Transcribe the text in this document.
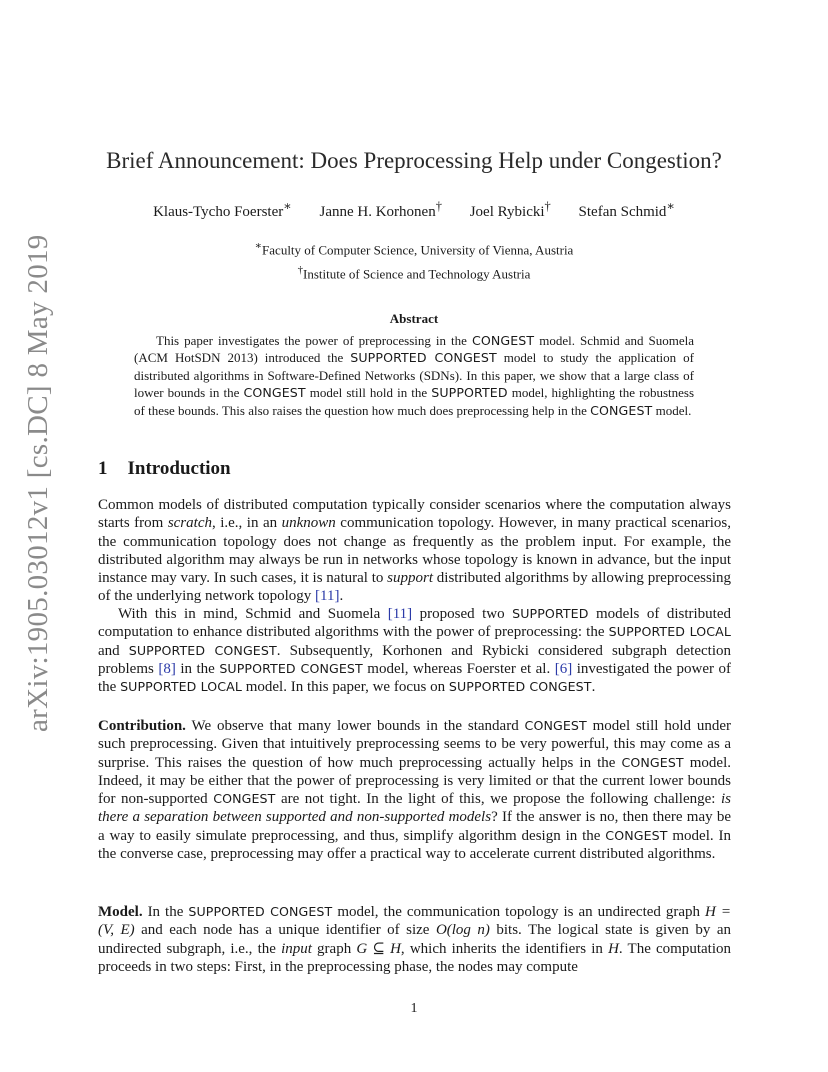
arXiv:1905.03012v1 [cs.DC] 8 May 2019
Brief Announcement: Does Preprocessing Help under Congestion?
Klaus-Tycho Foerster∗ Janne H. Korhonen† Joel Rybicki† Stefan Schmid∗
∗Faculty of Computer Science, University of Vienna, Austria
†Institute of Science and Technology Austria
Abstract
This paper investigates the power of preprocessing in the CONGEST model. Schmid and Suomela (ACM HotSDN 2013) introduced the SUPPORTED CONGEST model to study the application of distributed algorithms in Software-Defined Networks (SDNs). In this paper, we show that a large class of lower bounds in the CONGEST model still hold in the SUPPORTED model, highlighting the robustness of these bounds. This also raises the question how much does preprocessing help in the CONGEST model.
1 Introduction
Common models of distributed computation typically consider scenarios where the computation always starts from scratch, i.e., in an unknown communication topology. However, in many practical scenarios, the communication topology does not change as frequently as the problem input. For example, the distributed algorithm may always be run in networks whose topology is known in advance, but the input instance may vary. In such cases, it is natural to support distributed algorithms by allowing preprocessing of the underlying network topology [11].
With this in mind, Schmid and Suomela [11] proposed two SUPPORTED models of distributed computation to enhance distributed algorithms with the power of preprocessing: the SUPPORTED LOCAL and SUPPORTED CONGEST. Subsequently, Korhonen and Rybicki considered subgraph detection problems [8] in the SUPPORTED CONGEST model, whereas Foerster et al. [6] investigated the power of the SUPPORTED LOCAL model. In this paper, we focus on SUPPORTED CONGEST.
Contribution. We observe that many lower bounds in the standard CONGEST model still hold under such preprocessing. Given that intuitively preprocessing seems to be very powerful, this may come as a surprise. This raises the question of how much preprocessing actually helps in the CONGEST model. Indeed, it may be either that the power of preprocessing is very limited or that the current lower bounds for non-supported CONGEST are not tight. In the light of this, we propose the following challenge: is there a separation between supported and non-supported models? If the answer is no, then there may be a way to easily simulate preprocessing, and thus, simplify algorithm design in the CONGEST model. In the converse case, preprocessing may offer a practical way to accelerate current distributed algorithms.
Model. In the SUPPORTED CONGEST model, the communication topology is an undirected graph H = (V, E) and each node has a unique identifier of size O(log n) bits. The logical state is given by an undirected subgraph, i.e., the input graph G ⊆ H, which inherits the identifiers in H. The computation proceeds in two steps: First, in the preprocessing phase, the nodes may compute
1
